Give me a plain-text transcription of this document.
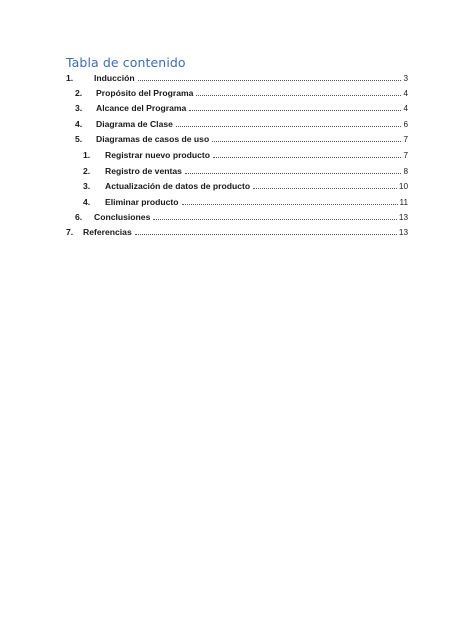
Tabla de contenido
1.	Inducción	3
2.	Propósito del Programa	4
3.	Alcance del Programa	4
4.	Diagrama de Clase	6
5.	Diagramas de casos de uso	7
1.	Registrar nuevo producto	7
2.	Registro de ventas	8
3.	Actualización de datos de producto	10
4.	Eliminar producto	11
6.	Conclusiones	13
7.	Referencias	13
